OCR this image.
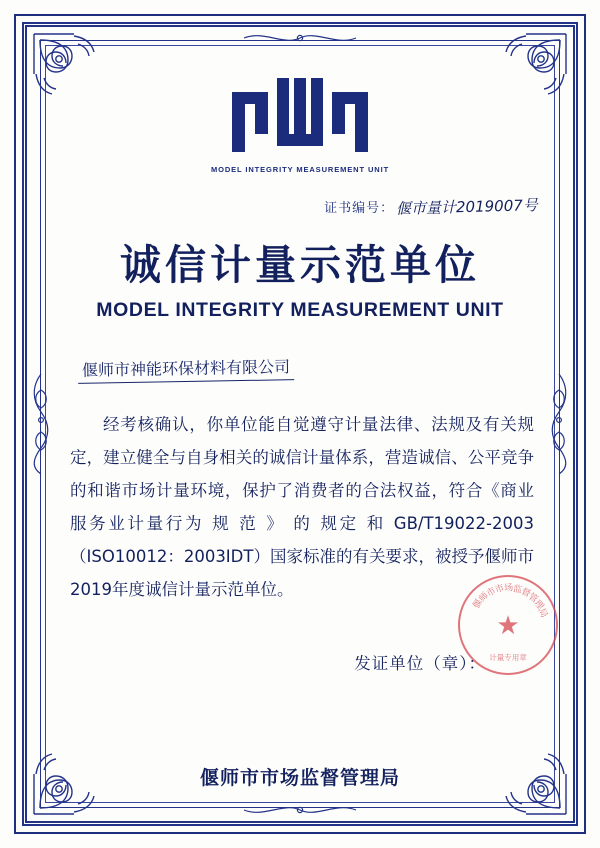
MODEL INTEGRITY MEASUREMENT UNIT
证书编号： 偃市量计2019007号
诚信计量示范单位
MODEL INTEGRITY MEASUREMENT UNIT
偃师市神能环保材料有限公司

经考核确认，你单位能自觉遵守计量法律、法规及有关规定，建立健全与自身相关的诚信计量体系，营造诚信、公平竞争的和谐市场计量环境，保护了消费者的合法权益，符合《商业 服务业计量行为 规 范 》 的 规定 和 GB/T19022-2003（ISO10012：2003IDT）国家标准的有关要求，被授予偃师市2019年度诚信计量示范单位。

发证单位（章）：
偃
师
市
市
场
监
督
管
理
局
★
计量专用章
偃师市市场监督管理局
